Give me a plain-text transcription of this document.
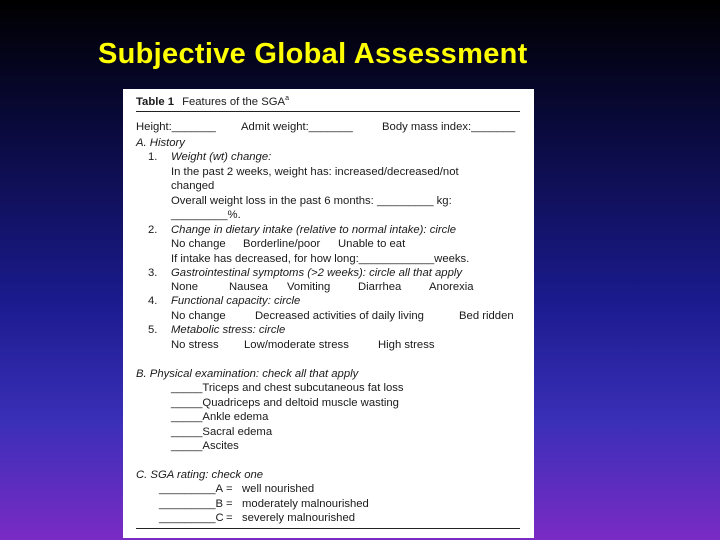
Subjective Global Assessment
Table 1 Features of the SGA$^a$
Height:_______ Admit weight:_______	Body mass index:_______
A. History
1. Weight (wt) change:
In the past 2 weeks, weight has: increased/decreased/not
changed
Overall weight loss in the past 6 months: _________ kg:
_________%.
2. Change in dietary intake (relative to normal intake): circle
No change Borderline/poor Unable to eat
If intake has decreased, for how long:____________weeks.
3. Gastrointestinal symptoms (>2 weeks): circle all that apply
None	Nausea Vomiting Diarrhea Anorexia
4. Functional capacity: circle
No change	Decreased activities of daily living	Bed ridden
5. Metabolic stress: circle
No stress Low/moderate stress	High stress
B. Physical examination: check all that apply
_____Triceps and chest subcutaneous fat loss
_____Quadriceps and deltoid muscle wasting
_____Ankle edema
_____Sacral edema
_____Ascites
C. SGA rating: check one
_________A = well nourished
_________B = moderately malnourished
_________C = severely malnourished
